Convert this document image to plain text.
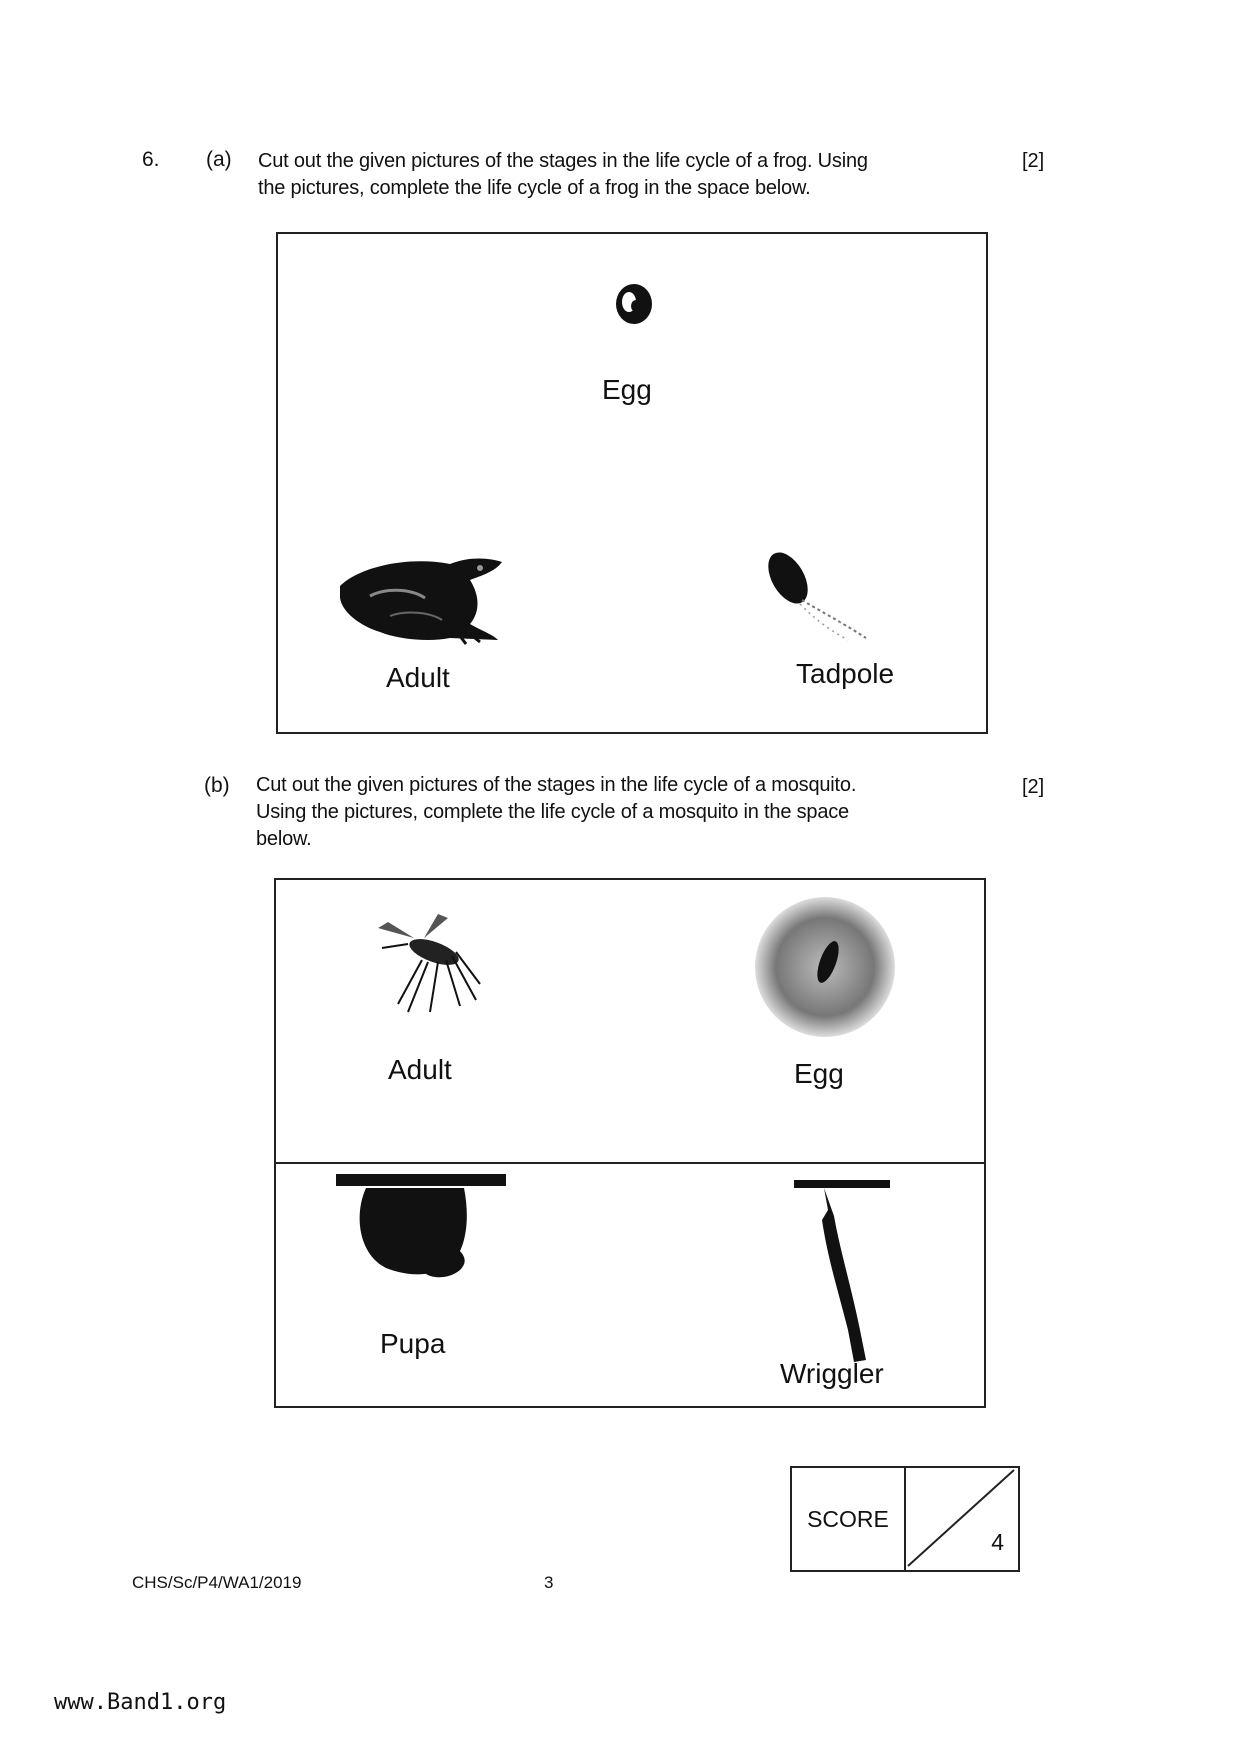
6. (a) Cut out the given pictures of the stages in the life cycle of a frog. Using
the pictures, complete the life cycle of a frog in the space below.
[2]
Egg
Adult	Tadpole
(b) Cut out the given pictures of the stages in the life cycle of a mosquito.
Using the pictures, complete the life cycle of a mosquito in the space
below.
[2]
Adult	Egg
Pupa
Wriggler
SCORE
4
CHS/Sc/P4/WA1/2019	3
www.Band1.org
